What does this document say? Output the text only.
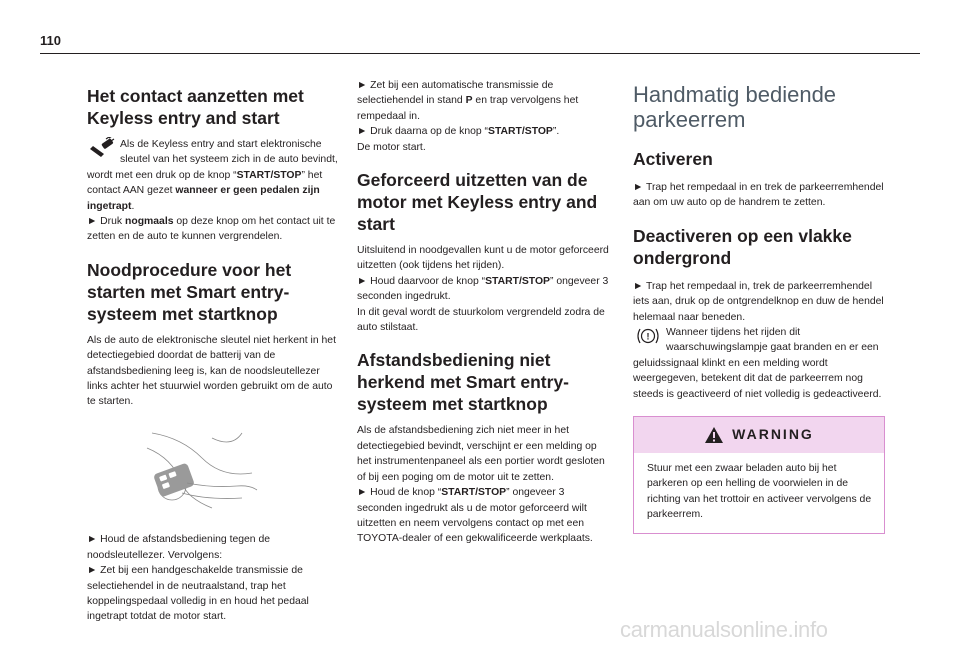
110
Het contact aanzetten met Keyless entry and start

Als de Keyless entry and start elektronische sleutel van het systeem zich in de auto bevindt, wordt met een druk op de knop “START/STOP” het contact AAN gezet wanneer er geen pedalen zijn ingetrapt.
► Druk nogmaals op deze knop om het contact uit te zetten en de auto te kunnen vergrendelen.

Noodprocedure voor het starten met Smart entry-systeem met startknop

Als de auto de elektronische sleutel niet herkent in het detectiegebied doordat de batterij van de afstandsbediening leeg is, kan de noodsleutellezer links achter het stuurwiel worden gebruikt om de auto te starten.

► Houd de afstandsbediening tegen de noodsleutellezer. Vervolgens:

► Zet bij een handgeschakelde transmissie de selectiehendel in de neutraalstand, trap het koppelingspedaal volledig in en houd het pedaal ingetrapt totdat de motor start.

► Zet bij een automatische transmissie de selectiehendel in stand P en trap vervolgens het rempedaal in.

► Druk daarna op de knop “START/STOP”.

De motor start.

Geforceerd uitzetten van de motor met Keyless entry and start

Uitsluitend in noodgevallen kunt u de motor geforceerd uitzetten (ook tijdens het rijden).

► Houd daarvoor de knop “START/STOP” ongeveer 3 seconden ingedrukt.

In dit geval wordt de stuurkolom vergrendeld zodra de auto stilstaat.

Afstandsbediening niet herkend met Smart entry-systeem met startknop

Als de afstandsbediening zich niet meer in het detectiegebied bevindt, verschijnt er een melding op het instrumentenpaneel als een portier wordt gesloten of bij een poging om de motor uit te zetten.

► Houd de knop “START/STOP” ongeveer 3 seconden ingedrukt als u de motor geforceerd wilt uitzetten en neem vervolgens contact op met een TOYOTA-dealer of een gekwalificeerde werkplaats.

Handmatig bediende parkeerrem
Activeren

► Trap het rempedaal in en trek de parkeerremhendel aan om uw auto op de handrem te zetten.

Deactiveren op een vlakke ondergrond

► Trap het rempedaal in, trek de parkeerremhendel iets aan, druk op de ontgrendelknop en duw de hendel helemaal naar beneden.

! Wanneer tijdens het rijden dit waarschuwingslampje gaat branden en er een geluidssignaal klinkt en een melding wordt weergegeven, betekent dit dat de parkeerrem nog steeds is geactiveerd of niet volledig is gedeactiveerd.

WARNING
Stuur met een zwaar beladen auto bij het parkeren op een helling de voorwielen in de richting van het trottoir en activeer vervolgens de parkeerrem.
carmanualsonline.info
